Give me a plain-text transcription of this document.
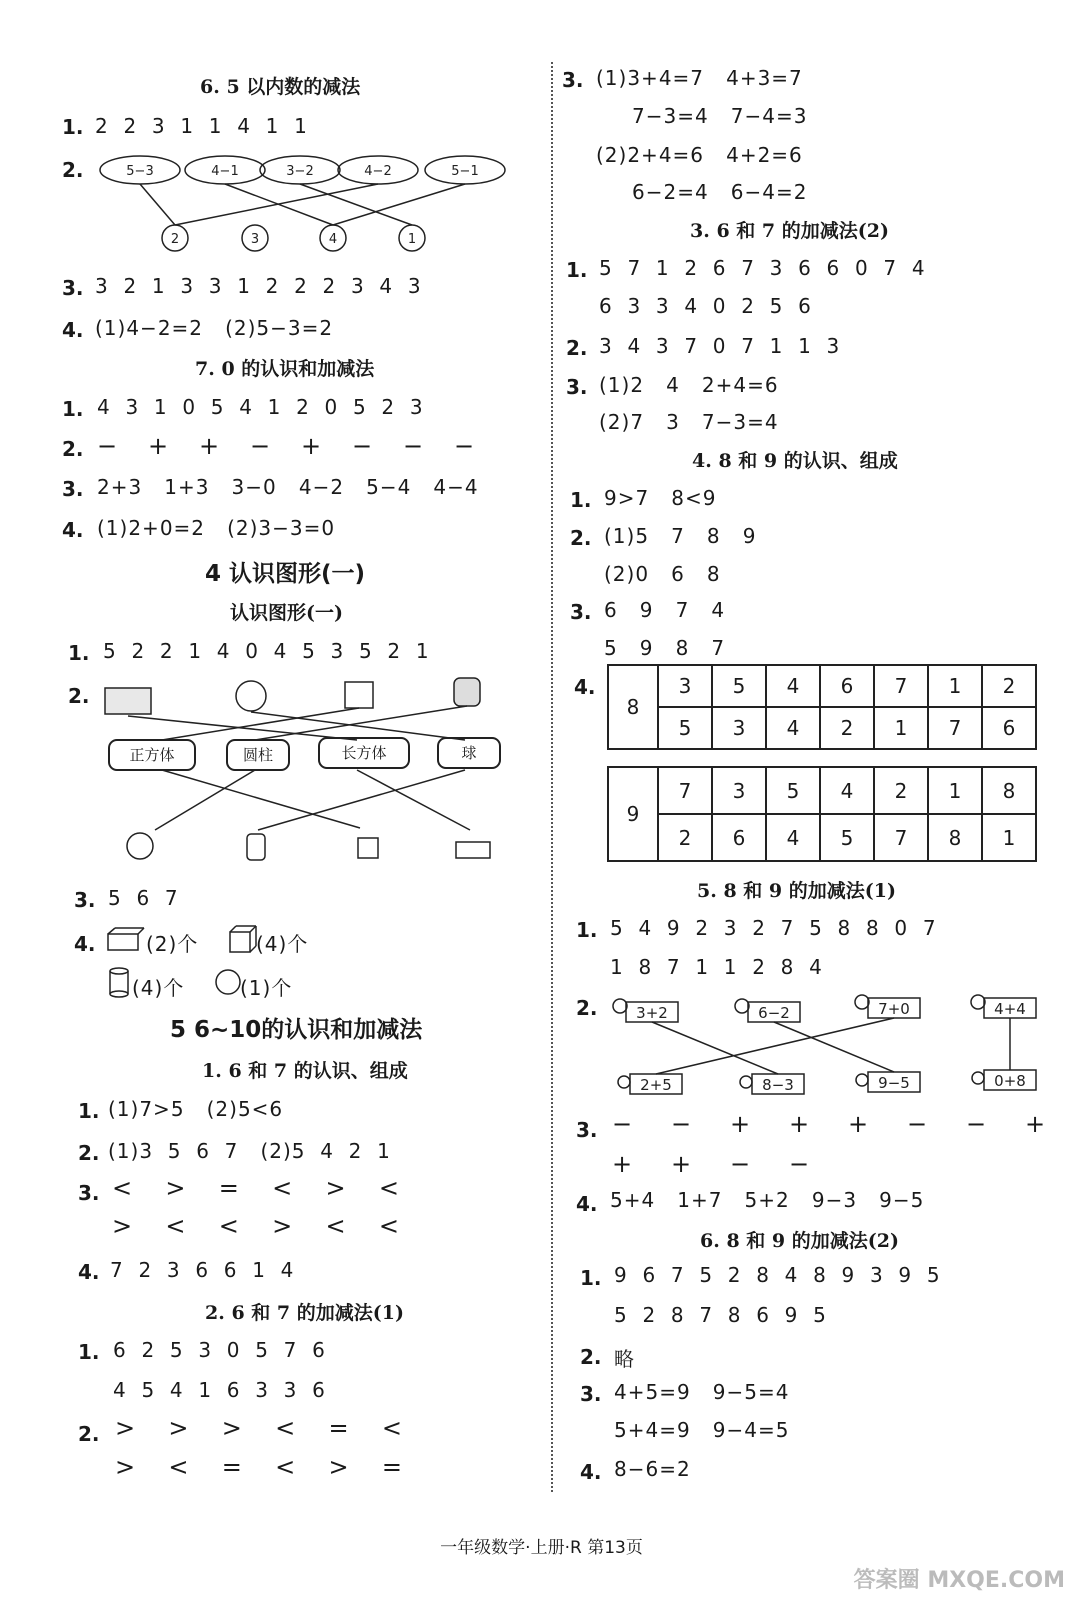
6. 5 以内数的减法
1. 2  2  3  1  1  4  1  1
2.	5−3	4−1	3−2	4−2	5−1
2	3	4	1
3. 3  2  1  3  3  1  2  2  2  3  4  3
4. (1)4−2=2   (2)5−3=2
7. 0 的认识和加减法
1. 4  3  1  0  5  4  1  2  0  5  2  3
2. −   +   +   −   +   −   −   −
3. 2+3   1+3   3−0   4−2   5−4   4−4
4. (1)2+0=2   (2)3−3=0
4 认识图形(一)
认识图形(一)
1. 5  2  2  1  4  0  4  5  3  5  2  1
2.
正方体	圆柱	长方体	球
3. 5  6  7
4.	(2)个	(4)个
(4)个	(1)个
5 6~10的认识和加减法
1. 6 和 7 的认识、组成
1. (1)7>5   (2)5<6
2. (1)3  5  6  7   (2)5  4  2  1
3. <  >  =  <  >  <
>  <  <  >  <  <
4. 7  2  3  6  6  1  4
2. 6 和 7 的加减法(1)
1. 6  2  5  3  0  5  7  6
4  5  4  1  6  3  3  6
2. >  >  >  <  =  <
>  <  =  <  >  =
3. (1)3+4=7   4+3=7
7−3=4   7−4=3
(2)2+4=6   4+2=6
6−2=4   6−4=2
3. 6 和 7 的加减法(2)
1. 5  7  1  2  6  7  3  6  6  0  7  4
6  3  3  4  0  2  5  6
2. 3  4  3  7  0  7  1  1  3
3. (1)2   4   2+4=6
(2)7   3   7−3=4
4. 8 和 9 的认识、组成
1. 9>7   8<9
2. (1)5   7   8   9
(2)0   6   8
3. 6   9   7   4
5   9   8   7
4.
8	3	5	4	6	7	1	2
	5	3	4	2	1	7	6
9	7	3	5	4	2	1	8
	2	6	4	5	7	8	1
5. 8 和 9 的加减法(1)
1. 5  4  9  2  3  2  7  5  8  8  0  7
1  8  7  1  1  2  8  4
2.	3+2	6−2	7+0	4+4
2+5	8−3	9−5	0+8
3. −   −   +   +   +   −   −   +
+   +   −   −
4. 5+4   1+7   5+2   9−3   9−5
6. 8 和 9 的加减法(2)
1. 9  6  7  5  2  8  4  8  9  3  9  5
5  2  8  7  8  6  9  5
2. 略
3. 4+5=9   9−5=4
5+4=9   9−4=5
4. 8−6=2
一年级数学·上册·R 第13页
答案圈 MXQE.COM
